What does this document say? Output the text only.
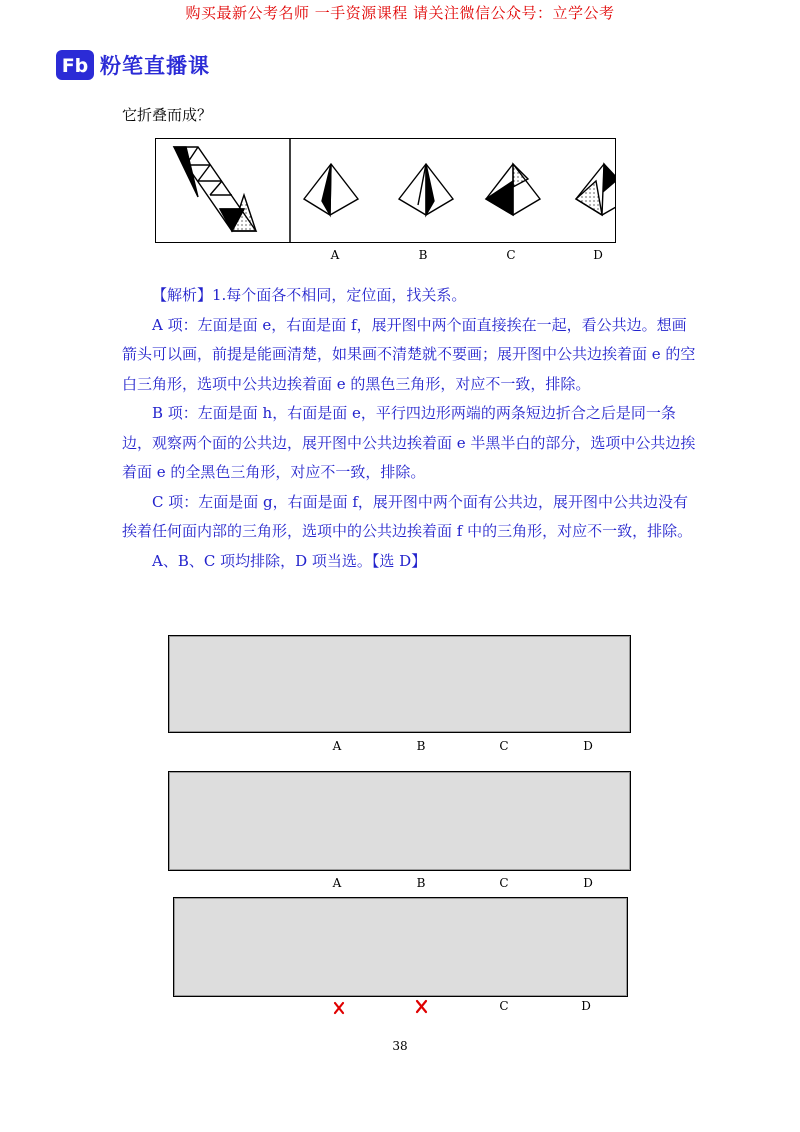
购买最新公考名师 一手资源课程 请关注微信公众号：立学公考
Fb 粉笔直播课
它折叠而成？
A	B	C	D

【解析】1.每个面各不相同，定位面，找关系。

A 项：左面是面 e，右面是面 f，展开图中两个面直接挨在一起，看公共边。想画箭头可以画，前提是能画清楚，如果画不清楚就不要画；展开图中公共边挨着面 e 的空白三角形，选项中公共边挨着面 e 的黑色三角形，对应不一致，排除。

B 项：左面是面 h，右面是面 e，平行四边形两端的两条短边折合之后是同一条边，观察两个面的公共边，展开图中公共边挨着面 e 半黑半白的部分，选项中公共边挨着面 e 的全黑色三角形，对应不一致，排除。

C 项：左面是面 g，右面是面 f，展开图中两个面有公共边，展开图中公共边没有挨着任何面内部的三角形，选项中的公共边挨着面 f 中的三角形，对应不一致，排除。

A、B、C 项均排除，D 项当选。【选 D】

A	B	C	D
A	B	C	D
C	D
38
